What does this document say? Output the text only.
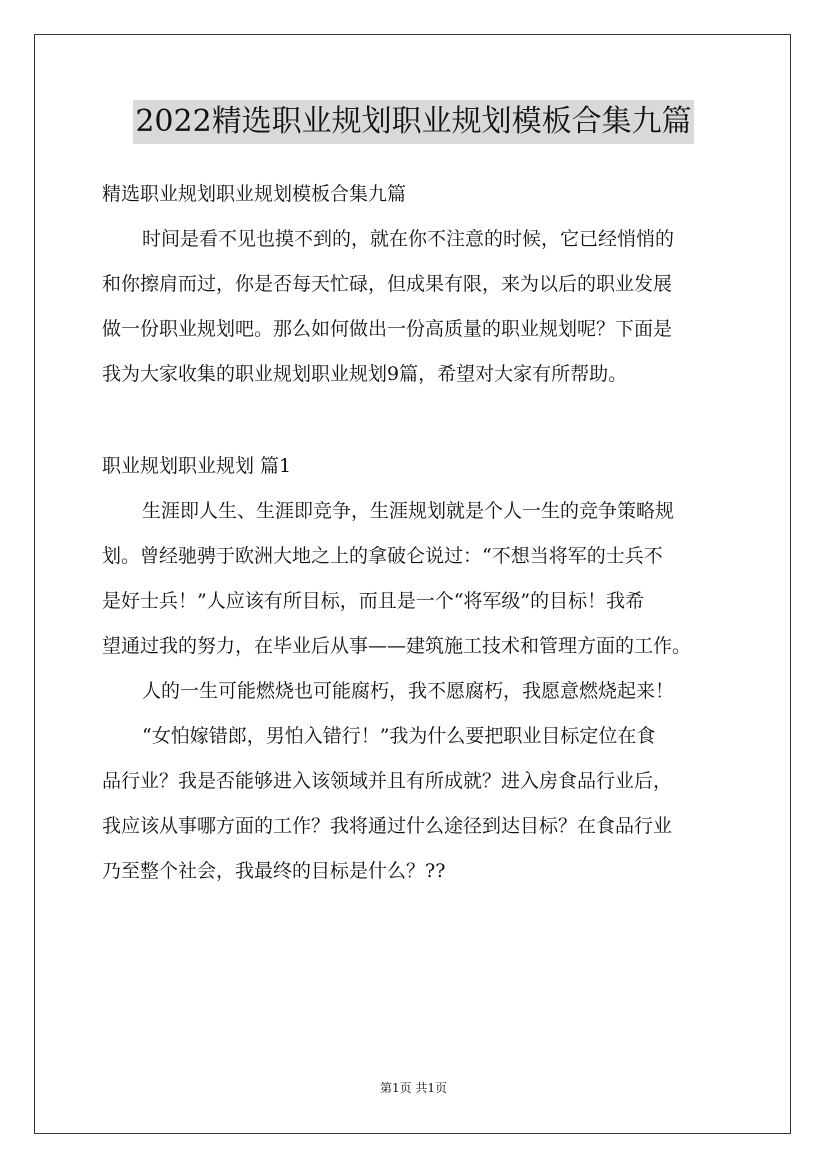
2022精选职业规划职业规划模板合集九篇
精选职业规划职业规划模板合集九篇
时间是看不见也摸不到的，就在你不注意的时候，它已经悄悄的
和你擦肩而过，你是否每天忙碌，但成果有限，来为以后的职业发展
做一份职业规划吧。那么如何做出一份高质量的职业规划呢？下面是
我为大家收集的职业规划职业规划9篇，希望对大家有所帮助。
职业规划职业规划 篇1
生涯即人生、生涯即竞争，生涯规划就是个人一生的竞争策略规
划。曾经驰骋于欧洲大地之上的拿破仑说过：“不想当将军的士兵不
是好士兵！”人应该有所目标，而且是一个“将军级”的目标！我希
望通过我的努力，在毕业后从事——建筑施工技术和管理方面的工作。
人的一生可能燃烧也可能腐朽，我不愿腐朽，我愿意燃烧起来！
“女怕嫁错郎，男怕入错行！”我为什么要把职业目标定位在食
品行业？我是否能够进入该领域并且有所成就？进入房食品行业后，
我应该从事哪方面的工作？我将通过什么途径到达目标？在食品行业
乃至整个社会，我最终的目标是什么？??
第1页 共1页
